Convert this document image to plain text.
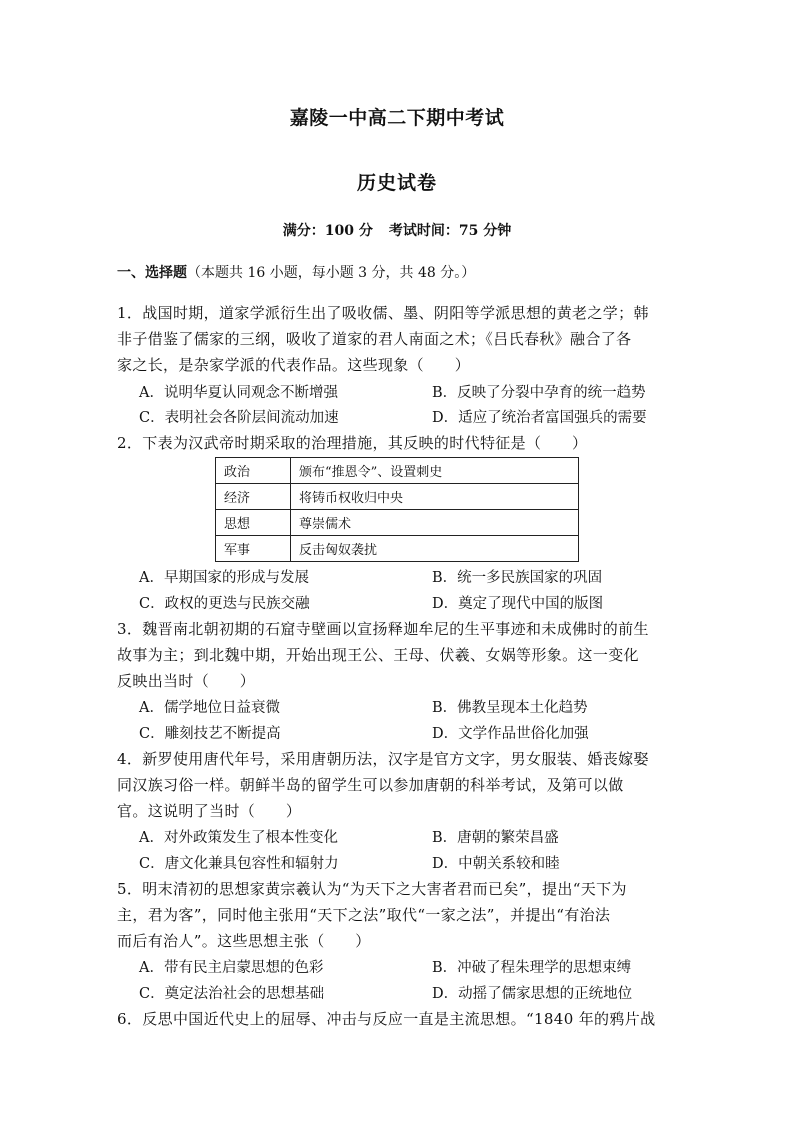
嘉陵一中高二下期中考试
历史试卷
满分：100 分 考试时间：75 分钟
一、选择题（本题共 16 小题，每小题 3 分，共 48 分。）
1．战国时期，道家学派衍生出了吸收儒、墨、阴阳等学派思想的黄老之学；韩
非子借鉴了儒家的三纲，吸收了道家的君人南面之术；《吕氏春秋》融合了各
家之长，是杂家学派的代表作品。这些现象（　　）
A．说明华夏认同观念不断增强	B．反映了分裂中孕育的统一趋势
C．表明社会各阶层间流动加速	D．适应了统治者富国强兵的需要
2．下表为汉武帝时期采取的治理措施，其反映的时代特征是（　　）
政治	颁布“推恩令”、设置刺史
经济	将铸币权收归中央
思想	尊崇儒术
军事	反击匈奴袭扰
A．早期国家的形成与发展	B．统一多民族国家的巩固
C．政权的更迭与民族交融	D．奠定了现代中国的版图
3．魏晋南北朝初期的石窟寺壁画以宣扬释迦牟尼的生平事迹和未成佛时的前生
故事为主；到北魏中期，开始出现王公、王母、伏羲、女娲等形象。这一变化
反映出当时（　　）
A．儒学地位日益衰微	B．佛教呈现本土化趋势
C．雕刻技艺不断提高	D．文学作品世俗化加强
4．新罗使用唐代年号，采用唐朝历法，汉字是官方文字，男女服装、婚丧嫁娶
同汉族习俗一样。朝鲜半岛的留学生可以参加唐朝的科举考试，及第可以做
官。这说明了当时（　　）
A．对外政策发生了根本性变化	B．唐朝的繁荣昌盛
C．唐文化兼具包容性和辐射力	D．中朝关系较和睦
5．明末清初的思想家黄宗羲认为“为天下之大害者君而已矣”，提出“天下为
主，君为客”，同时他主张用“天下之法”取代“一家之法”，并提出“有治法
而后有治人”。这些思想主张（　　）
A．带有民主启蒙思想的色彩	B．冲破了程朱理学的思想束缚
C．奠定法治社会的思想基础	D．动摇了儒家思想的正统地位
6．反思中国近代史上的屈辱、冲击与反应一直是主流思想。“1840 年的鸦片战
